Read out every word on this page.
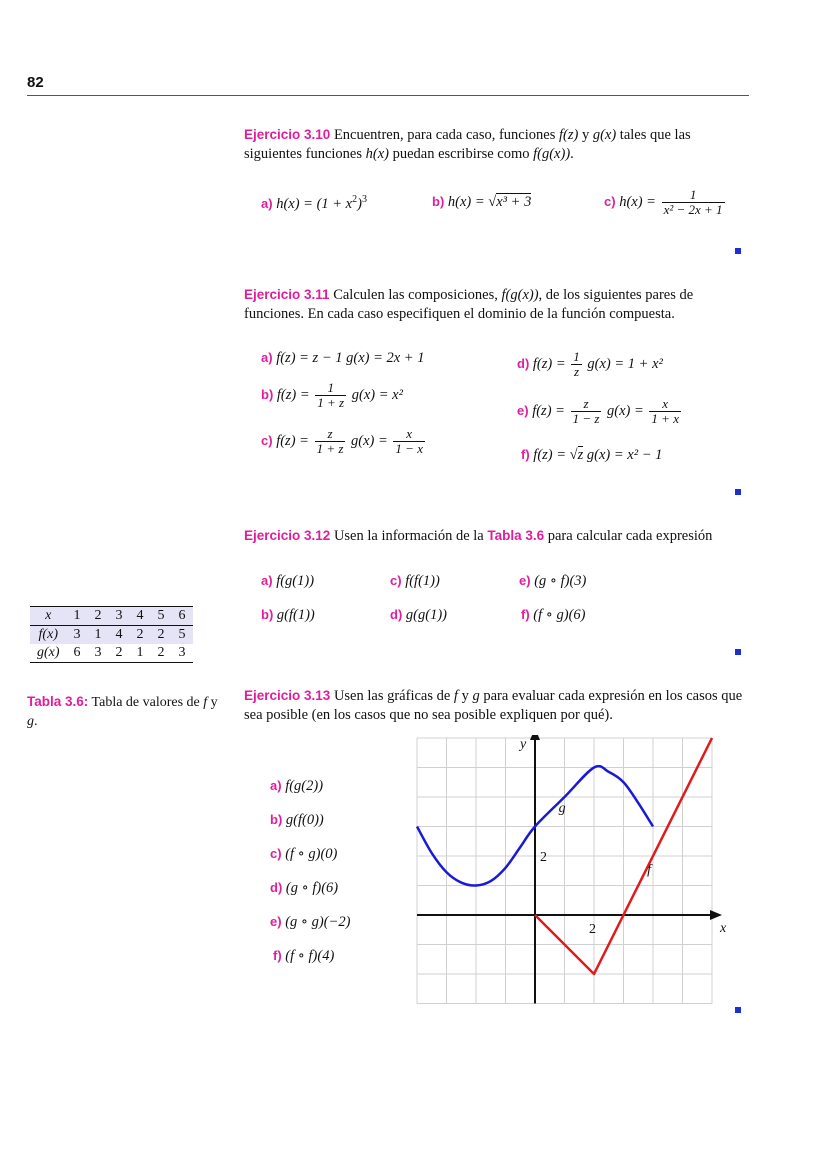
82
Ejercicio 3.10 Encuentren, para cada caso, funciones f(z) y g(x) tales que las siguientes funciones h(x) puedan escribirse como f(g(x)).
a) $h(x) = (1 + x^2)^3$	b) h(x) = √x³ + 3	c) $h(x) = \frac{1}{\text{x² − 2x + 1}}$
Ejercicio 3.11 Calculen las composiciones, f(g(x)), de los siguientes pares de funciones. En cada caso especifiquen el dominio de la función compuesta.
a) f(z) = z − 1 g(x) = 2x + 1
b) $f(z) = \frac{1}{1 + z} g(x) = x^2$
c) $f(z) = \frac{z}{1 + z} g(x) = \frac{x}{1 - x}$
d) $f(z) = \frac{1}{z} g(x) = 1 + x^2$
e) $f(z) = \frac{z}{1 - z} g(x) = \frac{x}{1 + x}$
f) f(z) = √z g(x) = x² − 1
Ejercicio 3.12 Usen la información de la Tabla 3.6 para calcular cada expresión
a) f(g(1))
b) g(f(1))
c) f(f(1))
d) g(g(1))
e) (g ∘ f)(3)
f) (f ∘ g)(6)
x	1	2	3	4	5	6
f(x)	3	1	4	2	2	5
g(x)	6	3	2	1	2	3
Tabla 3.6: Tabla de valores de f y g.
Ejercicio 3.13 Usen las gráficas de f y g para evaluar cada expresión en los casos que sea posible (en los casos que no sea posible expliquen por qué).
a) f(g(2))
b) g(f(0))
c) (f ∘ g)(0)
d) (g ∘ f)(6)
e) (g ∘ g)(−2)
f) (f ∘ f)(4)
y
x
2
2
g
f
